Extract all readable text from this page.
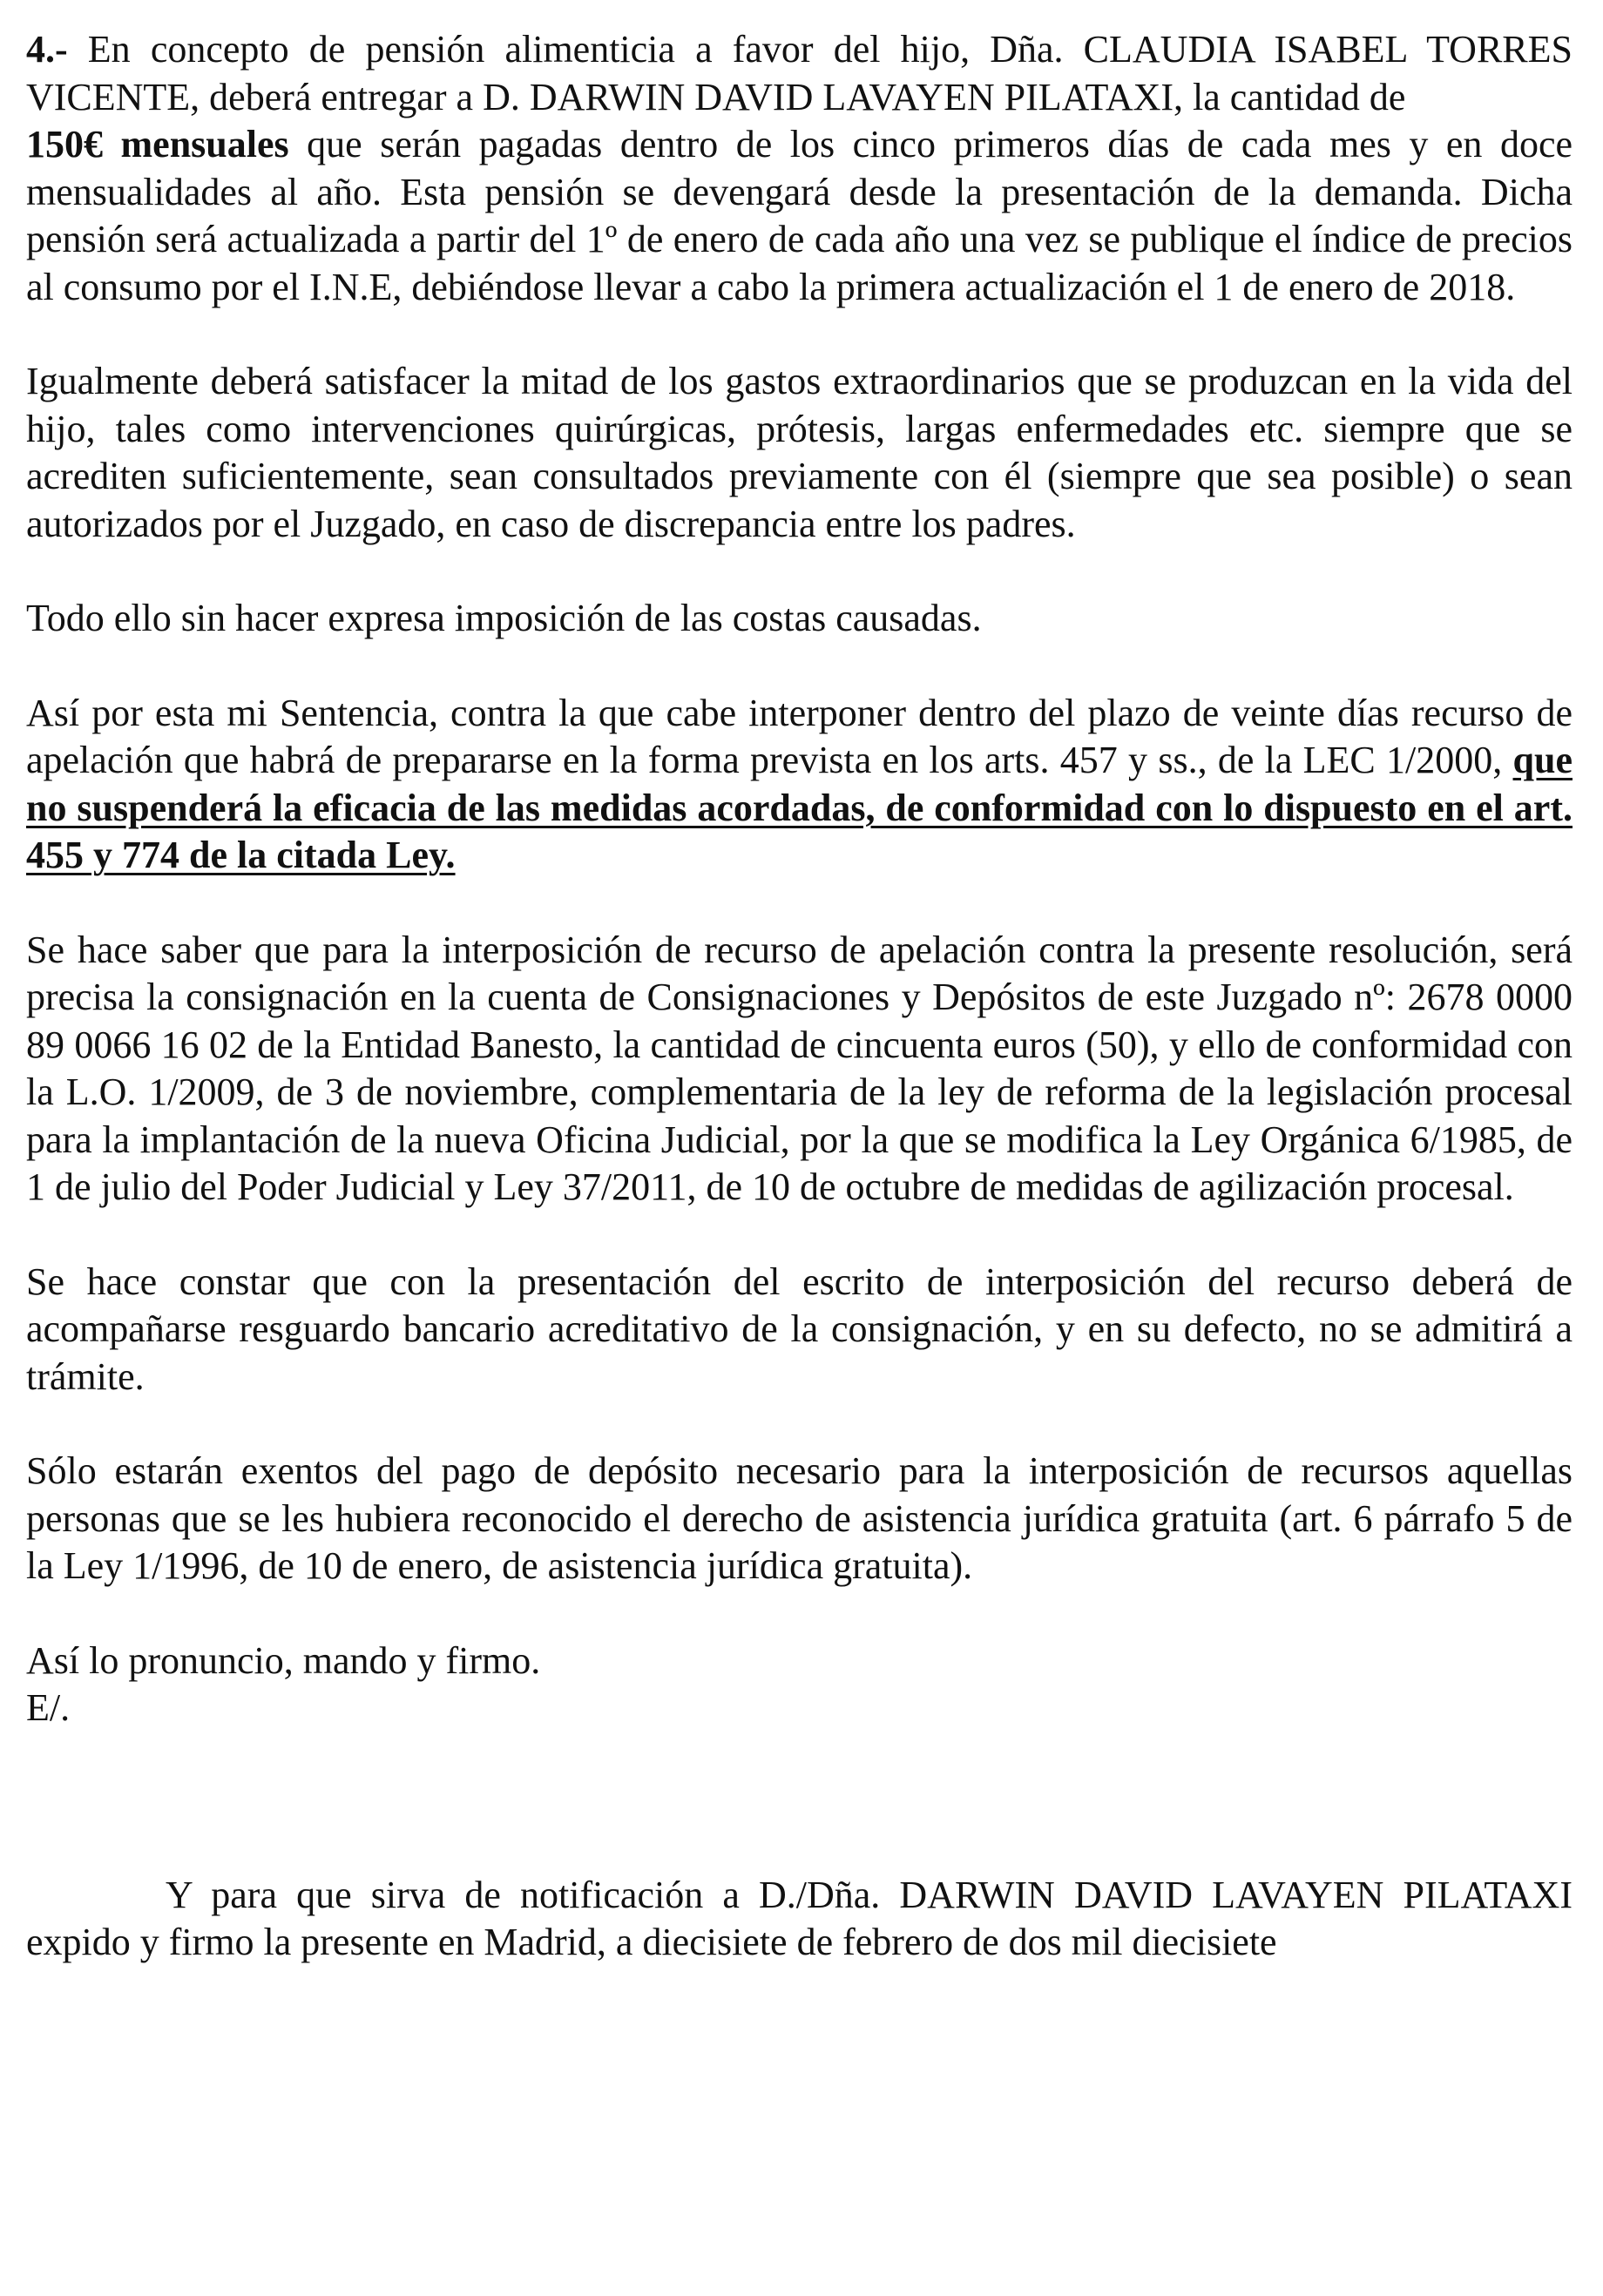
4.- En concepto de pensión alimenticia a favor del hijo, Dña. CLAUDIA ISABEL TORRES VICENTE, deberá entregar a D. DARWIN DAVID LAVAYEN PILATAXI, la cantidad de
150€ mensuales que serán pagadas dentro de los cinco primeros días de cada mes y en doce mensualidades al año. Esta pensión se devengará desde la presentación de la demanda. Dicha pensión será actualizada a partir del 1º de enero de cada año una vez se publique el índice de precios al consumo por el I.N.E, debiéndose llevar a cabo la primera actualización el 1 de enero de 2018.

Igualmente deberá satisfacer la mitad de los gastos extraordinarios que se produzcan en la vida del hijo, tales como intervenciones quirúrgicas, prótesis, largas enfermedades etc. siempre que se acrediten suficientemente, sean consultados previamente con él (siempre que sea posible) o sean autorizados por el Juzgado, en caso de discrepancia entre los padres.

Todo ello sin hacer expresa imposición de las costas causadas.

Así por esta mi Sentencia, contra la que cabe interponer dentro del plazo de veinte días recurso de apelación que habrá de prepararse en la forma prevista en los arts. 457 y ss., de la LEC 1/2000, que no suspenderá la eficacia de las medidas acordadas, de conformidad con lo dispuesto en el art. 455 y 774 de la citada Ley.

Se hace saber que para la interposición de recurso de apelación contra la presente resolución, será precisa la consignación en la cuenta de Consignaciones y Depósitos de este Juzgado nº: 2678 0000 89 0066 16 02 de la Entidad Banesto, la cantidad de cincuenta euros (50), y ello de conformidad con la L.O. 1/2009, de 3 de noviembre, complementaria de la ley de reforma de la legislación procesal para la implantación de la nueva Oficina Judicial, por la que se modifica la Ley Orgánica 6/1985, de 1 de julio del Poder Judicial y Ley 37/2011, de 10 de octubre de medidas de agilización procesal.

Se hace constar que con la presentación del escrito de interposición del recurso deberá de acompañarse resguardo bancario acreditativo de la consignación, y en su defecto, no se admitirá a trámite.

Sólo estarán exentos del pago de depósito necesario para la interposición de recursos aquellas personas que se les hubiera reconocido el derecho de asistencia jurídica gratuita (art. 6 párrafo 5 de la Ley 1/1996, de 10 de enero, de asistencia jurídica gratuita).

Así lo pronuncio, mando y firmo.
E/.

Y para que sirva de notificación a D./Dña. DARWIN DAVID LAVAYEN PILATAXI expido y firmo la presente en Madrid, a diecisiete de febrero de dos mil diecisiete
